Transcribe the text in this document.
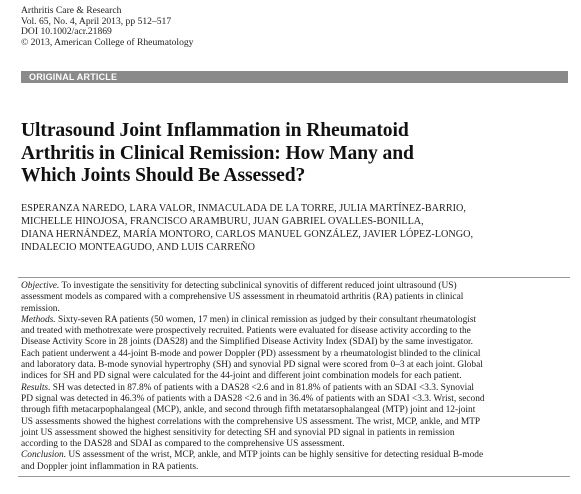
Arthritis Care & Research
Vol. 65, No. 4, April 2013, pp 512–517
DOI 10.1002/acr.21869
© 2013, American College of Rheumatology
ORIGINAL ARTICLE
Ultrasound Joint Inflammation in Rheumatoid
Arthritis in Clinical Remission: How Many and
Which Joints Should Be Assessed?
ESPERANZA NAREDO, LARA VALOR, INMACULADA DE LA TORRE, JULIA MARTÍNEZ-BARRIO,
MICHELLE HINOJOSA, FRANCISCO ARAMBURU, JUAN GABRIEL OVALLES-BONILLA,
DIANA HERNÁNDEZ, MARÍA MONTORO, CARLOS MANUEL GONZÁLEZ, JAVIER LÓPEZ-LONGO,
INDALECIO MONTEAGUDO, AND LUIS CARREÑO
Objective. To investigate the sensitivity for detecting subclinical synovitis of different reduced joint ultrasound (US)
assessment models as compared with a comprehensive US assessment in rheumatoid arthritis (RA) patients in clinical
remission.
Methods. Sixty-seven RA patients (50 women, 17 men) in clinical remission as judged by their consultant rheumatologist
and treated with methotrexate were prospectively recruited. Patients were evaluated for disease activity according to the
Disease Activity Score in 28 joints (DAS28) and the Simplified Disease Activity Index (SDAI) by the same investigator.
Each patient underwent a 44-joint B-mode and power Doppler (PD) assessment by a rheumatologist blinded to the clinical
and laboratory data. B-mode synovial hypertrophy (SH) and synovial PD signal were scored from 0–3 at each joint. Global
indices for SH and PD signal were calculated for the 44-joint and different joint combination models for each patient.
Results. SH was detected in 87.8% of patients with a DAS28 <2.6 and in 81.8% of patients with an SDAI <3.3. Synovial
PD signal was detected in 46.3% of patients with a DAS28 <2.6 and in 36.4% of patients with an SDAI <3.3. Wrist, second
through fifth metacarpophalangeal (MCP), ankle, and second through fifth metatarsophalangeal (MTP) joint and 12-joint
US assessments showed the highest correlations with the comprehensive US assessment. The wrist, MCP, ankle, and MTP
joint US assessment showed the highest sensitivity for detecting SH and synovial PD signal in patients in remission
according to the DAS28 and SDAI as compared to the comprehensive US assessment.
Conclusion. US assessment of the wrist, MCP, ankle, and MTP joints can be highly sensitive for detecting residual B-mode
and Doppler joint inflammation in RA patients.
